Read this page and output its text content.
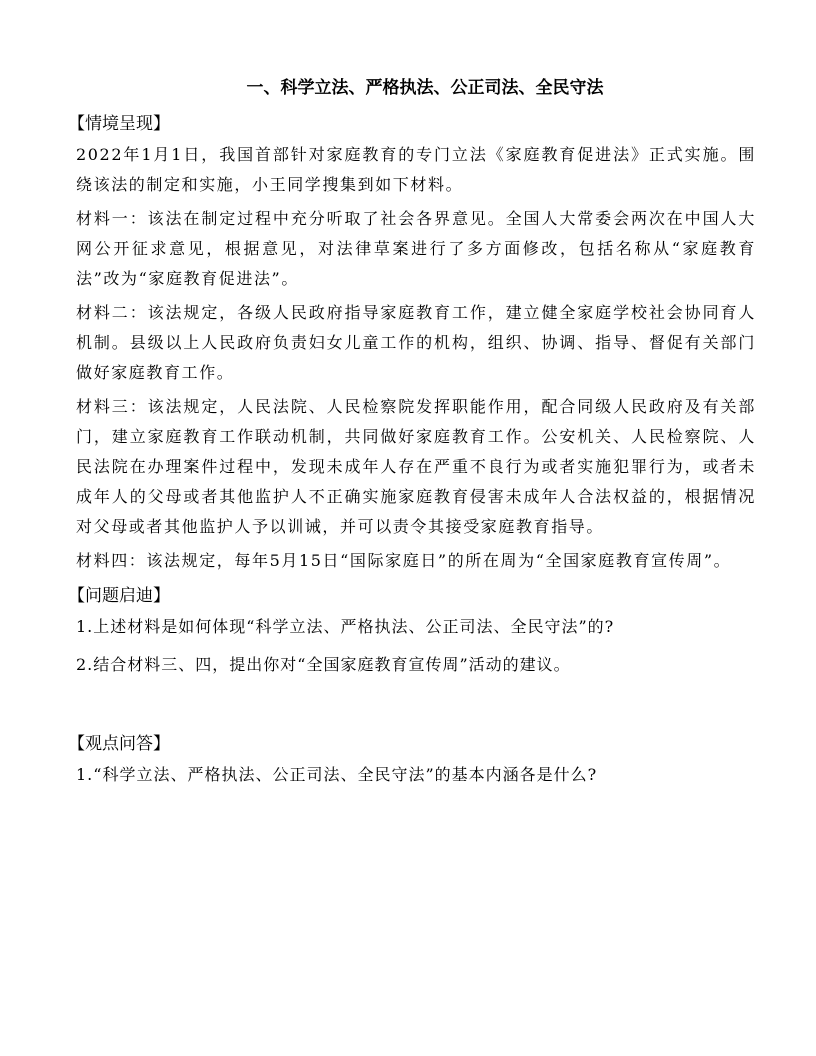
一、科学立法、严格执法、公正司法、全民守法
【情境呈现】
2022年1月1日，我国首部针对家庭教育的专门立法《家庭教育促进法》正式实施。围绕该法的制定和实施，小王同学搜集到如下材料。
材料一：该法在制定过程中充分听取了社会各界意见。全国人大常委会两次在中国人大网公开征求意见，根据意见，对法律草案进行了多方面修改，包括名称从“家庭教育法”改为“家庭教育促进法”。
材料二：该法规定，各级人民政府指导家庭教育工作，建立健全家庭学校社会协同育人机制。县级以上人民政府负责妇女儿童工作的机构，组织、协调、指导、督促有关部门做好家庭教育工作。
材料三：该法规定，人民法院、人民检察院发挥职能作用，配合同级人民政府及有关部门，建立家庭教育工作联动机制，共同做好家庭教育工作。公安机关、人民检察院、人民法院在办理案件过程中，发现未成年人存在严重不良行为或者实施犯罪行为，或者未成年人的父母或者其他监护人不正确实施家庭教育侵害未成年人合法权益的，根据情况对父母或者其他监护人予以训诫，并可以责令其接受家庭教育指导。
材料四：该法规定，每年5月15日“国际家庭日”的所在周为“全国家庭教育宣传周”。
【问题启迪】
1.上述材料是如何体现“科学立法、严格执法、公正司法、全民守法”的?
2.结合材料三、四，提出你对“全国家庭教育宣传周”活动的建议。
【观点问答】
1.“科学立法、严格执法、公正司法、全民守法”的基本内涵各是什么?
